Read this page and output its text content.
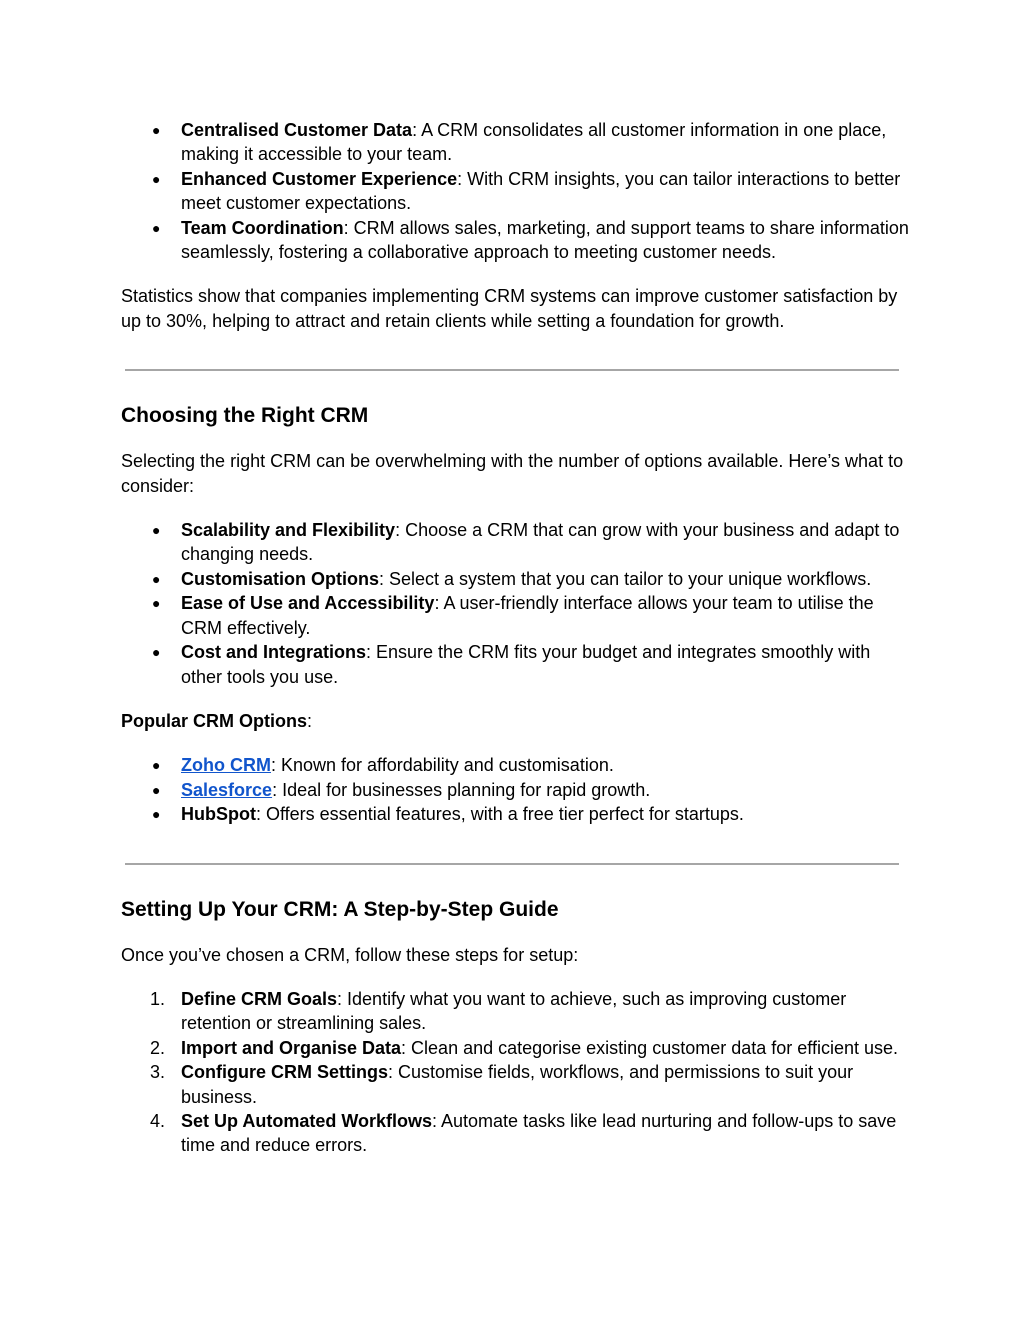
● Centralised Customer Data: A CRM consolidates all customer information in one place, making it accessible to your team.
● Enhanced Customer Experience: With CRM insights, you can tailor interactions to better meet customer expectations.
● Team Coordination: CRM allows sales, marketing, and support teams to share information seamlessly, fostering a collaborative approach to meeting customer needs.

Statistics show that companies implementing CRM systems can improve customer satisfaction by up to 30%, helping to attract and retain clients while setting a foundation for growth.

Choosing the Right CRM

Selecting the right CRM can be overwhelming with the number of options available. Here’s what to consider:

● Scalability and Flexibility: Choose a CRM that can grow with your business and adapt to changing needs.
● Customisation Options: Select a system that you can tailor to your unique workflows.
● Ease of Use and Accessibility: A user-friendly interface allows your team to utilise the CRM effectively.
● Cost and Integrations: Ensure the CRM fits your budget and integrates smoothly with other tools you use.

Popular CRM Options:

● Zoho CRM: Known for affordability and customisation.
● Salesforce: Ideal for businesses planning for rapid growth.
● HubSpot: Offers essential features, with a free tier perfect for startups.
Setting Up Your CRM: A Step-by-Step Guide

Once you’ve chosen a CRM, follow these steps for setup:

1. Define CRM Goals: Identify what you want to achieve, such as improving customer retention or streamlining sales.
2. Import and Organise Data: Clean and categorise existing customer data for efficient use.
3. Configure CRM Settings: Customise fields, workflows, and permissions to suit your business.
4. Set Up Automated Workflows: Automate tasks like lead nurturing and follow-ups to save time and reduce errors.
